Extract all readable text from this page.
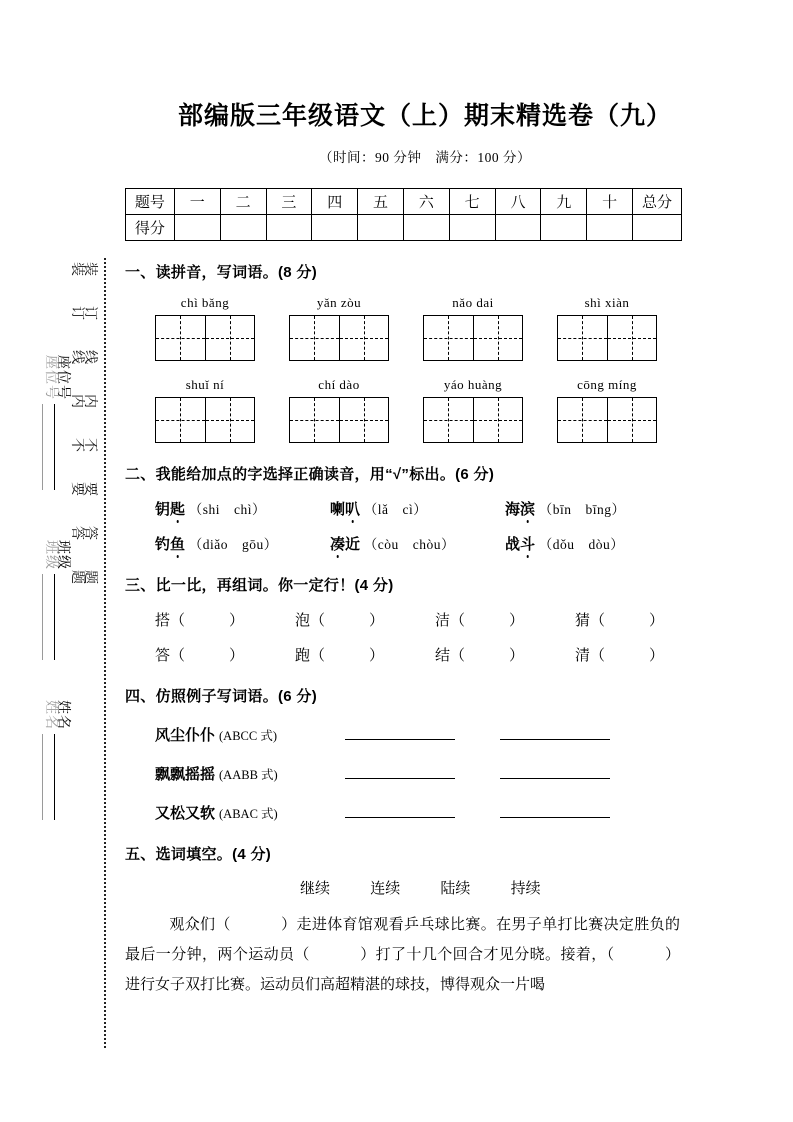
装订线内不要答题
装订线内不要答题
姓名
姓名
班级
班级
座位号
座位号
部编版三年级语文（上）期末精选卷（九）
（时间：90 分钟　满分：100 分）
题号	一	二	三	四	五	六	七	八	九	十	总分
得分											
一、读拼音，写词语。(8 分)
chì bǎng	yǎn zòu	nǎo dai	shì xiàn
shuǐ ní	chí dào	yáo huàng	cōng míng
二、我能给加点的字选择正确读音，用“√”标出。(6 分)
钥匙 （shi　chì）	喇叭 （lǎ　cì）	海滨 （bīn　bīng）
钓鱼 （diǎo　gōu）	凑近 （còu　chòu）	战斗 （dǒu　dòu）
三、比一比，再组词。你一定行！(4 分)
搭（	）	泡（	）	洁（	）	猜（	）
答（	）	跑（	）	结（	）	清（	）
四、仿照例子写词语。(6 分)
风尘仆仆 (ABCC 式)
飘飘摇摇 (AABB 式)
又松又软 (ABAC 式)
五、选词填空。(4 分)
继续	连续	陆续	持续
观众们（	）走进体育馆观看乒乓球比赛。在男子单打比赛决定胜负的最后一分钟，两个运动员（	）打了十几个回合才见分晓。接着，（	）进行女子双打比赛。运动员们高超精湛的球技，博得观众一片喝
